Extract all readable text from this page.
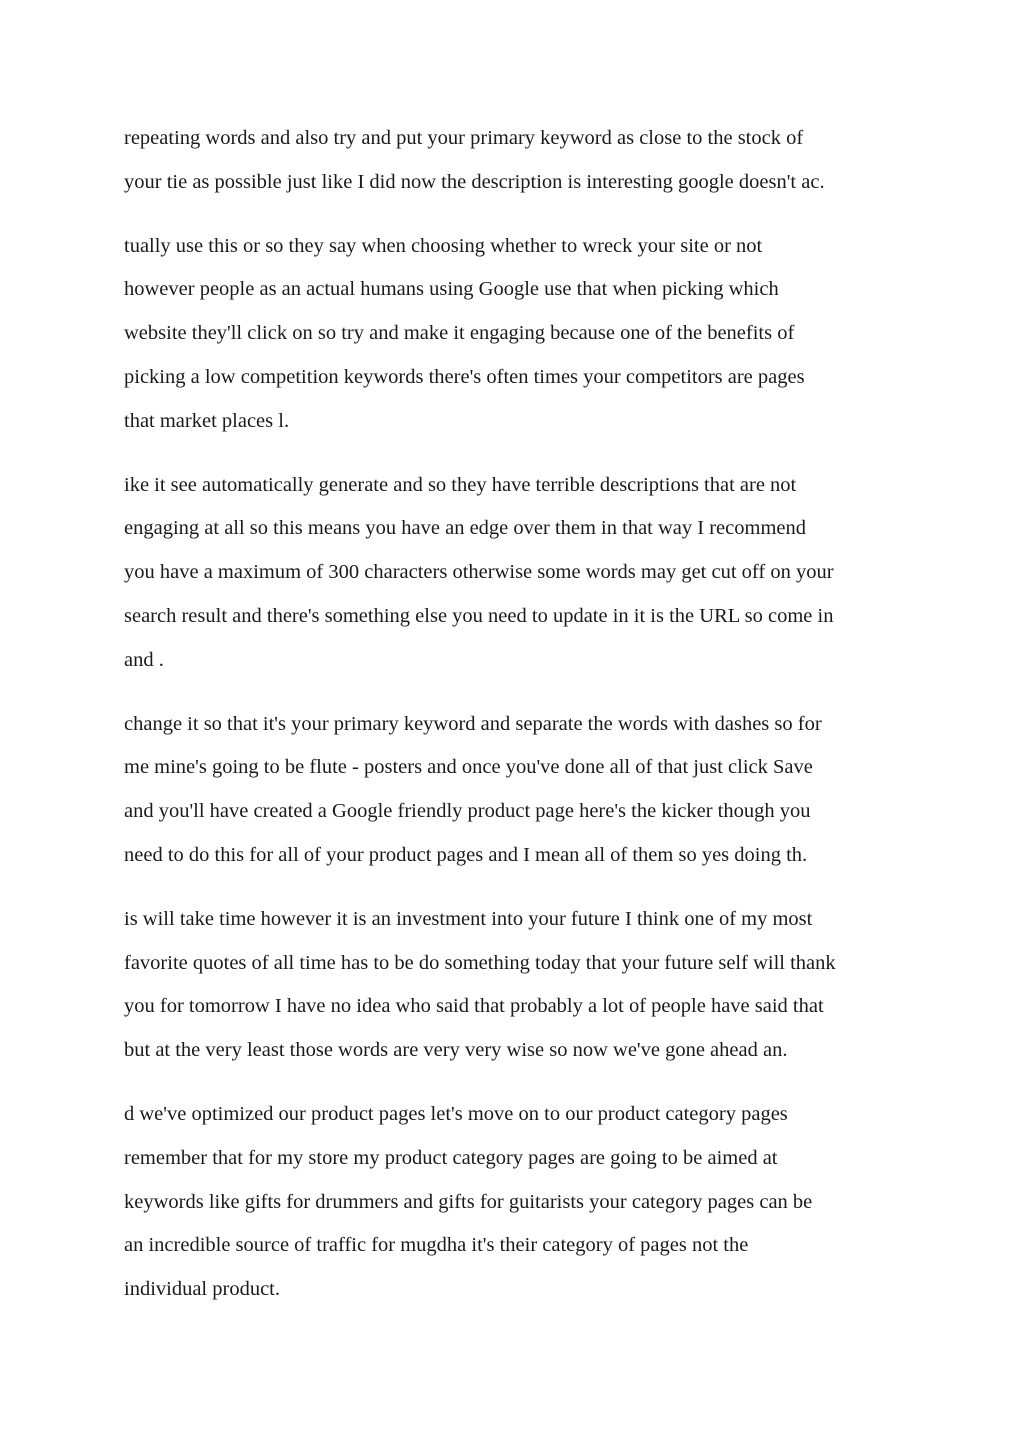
repeating words and also try and put your primary keyword as close to the stock of
your tie as possible just like I did now the description is interesting google doesn't ac.

tually use this or so they say when choosing whether to wreck your site or not
however people as an actual humans using Google use that when picking which
website they'll click on so try and make it engaging because one of the benefits of
picking a low competition keywords there's often times your competitors are pages
that market places l.

ike it see automatically generate and so they have terrible descriptions that are not
engaging at all so this means you have an edge over them in that way I recommend
you have a maximum of 300 characters otherwise some words may get cut off on your
search result and there's something else you need to update in it is the URL so come in
and .

change it so that it's your primary keyword and separate the words with dashes so for
me mine's going to be flute - posters and once you've done all of that just click Save
and you'll have created a Google friendly product page here's the kicker though you
need to do this for all of your product pages and I mean all of them so yes doing th.

is will take time however it is an investment into your future I think one of my most
favorite quotes of all time has to be do something today that your future self will thank
you for tomorrow I have no idea who said that probably a lot of people have said that
but at the very least those words are very very wise so now we've gone ahead an.

d we've optimized our product pages let's move on to our product category pages
remember that for my store my product category pages are going to be aimed at
keywords like gifts for drummers and gifts for guitarists your category pages can be
an incredible source of traffic for mugdha it's their category of pages not the
individual product.
